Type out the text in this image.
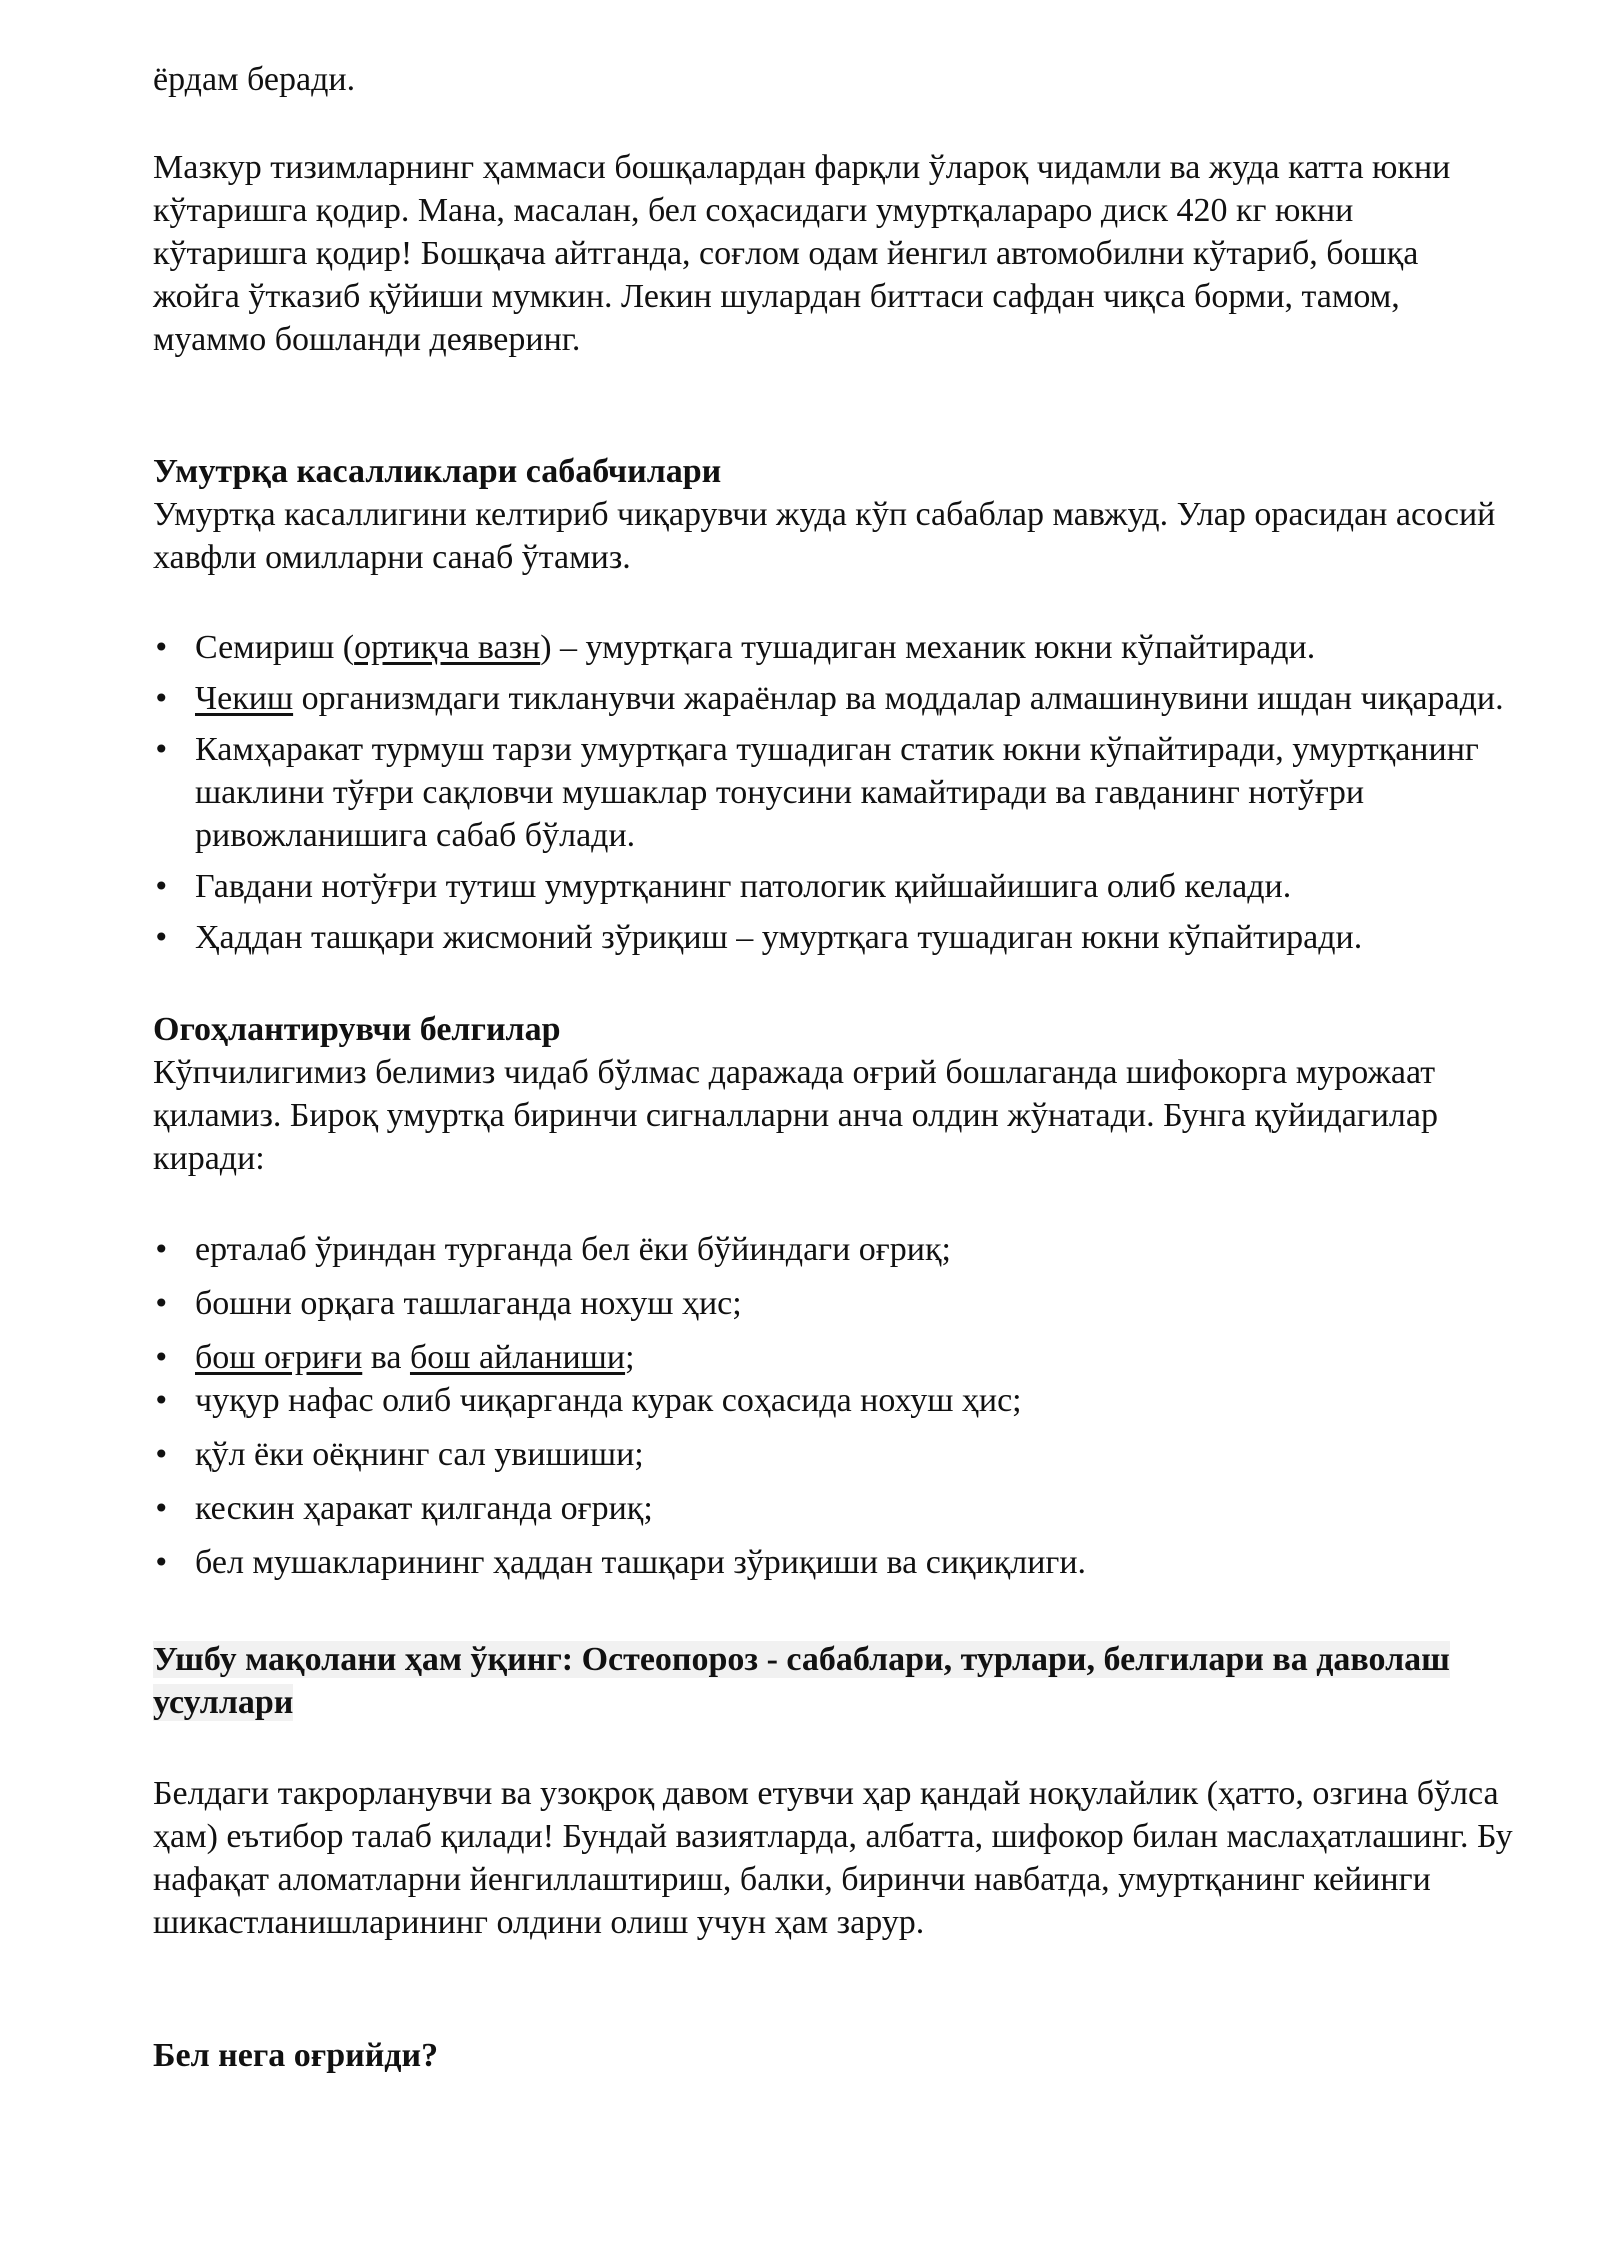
ёрдам беради.

Мазкур тизимларнинг ҳаммаси бошқалардан фарқли ўлароқ чидамли ва жуда катта юкни кўтаришга қодир. Мана, масалан, бел соҳасидаги умуртқалараро диск 420 кг юкни кўтаришга қодир! Бошқача айтганда, соғлом одам йенгил автомобилни кўтариб, бошқа жойга ўтказиб қўйиши мумкин. Лекин шулардан биттаси сафдан чиқса борми, тамом, муаммо бошланди деяверинг.

Умутрқа касалликлари сабабчилари

Умуртқа касаллигини келтириб чиқарувчи жуда кўп сабаблар мавжуд. Улар орасидан асосий хавфли омилларни санаб ўтамиз.

• Семириш (ортиқча вазн) – умуртқага тушадиган механик юкни кўпайтиради.
• Чекиш организмдаги тикланувчи жараёнлар ва моддалар алмашинувини ишдан чиқаради.
• Камҳаракат турмуш тарзи умуртқага тушадиган статик юкни кўпайтиради, умуртқанинг шаклини тўғри сақловчи мушаклар тонусини камайтиради ва гавданинг нотўғри ривожланишига сабаб бўлади.
• Гавдани нотўғри тутиш умуртқанинг патологик қийшайишига олиб келади.
• Ҳаддан ташқари жисмоний зўриқиш – умуртқага тушадиган юкни кўпайтиради.

Огоҳлантирувчи белгилар

Кўпчилигимиз белимиз чидаб бўлмас даражада оғрий бошлаганда шифокорга мурожаат қиламиз. Бироқ умуртқа биринчи сигналларни анча олдин жўнатади. Бунга қуйидагилар киради:

• ерталаб ўриндан турганда бел ёки бўйиндаги оғриқ;
• бошни орқага ташлаганда нохуш ҳис;
• бош оғриғи ва бош айланиши;
• чуқур нафас олиб чиқарганда курак соҳасида нохуш ҳис;
• қўл ёки оёқнинг сал увишиши;
• кескин ҳаракат қилганда оғриқ;
• бел мушакларининг ҳаддан ташқари зўриқиши ва сиқиқлиги.
Ушбу мақолани ҳам ўқинг: Остеопороз - сабаблари, турлари, белгилари ва даволаш усуллари

Белдаги такрорланувчи ва узоқроқ давом етувчи ҳар қандай ноқулайлик (ҳатто, озгина бўлса ҳам) еътибор талаб қилади! Бундай вазиятларда, албатта, шифокор билан маслаҳатлашинг. Бу нафақат аломатларни йенгиллаштириш, балки, биринчи навбатда, умуртқанинг кейинги шикастланишларининг олдини олиш учун ҳам зарур.

Бел нега оғрийди?
